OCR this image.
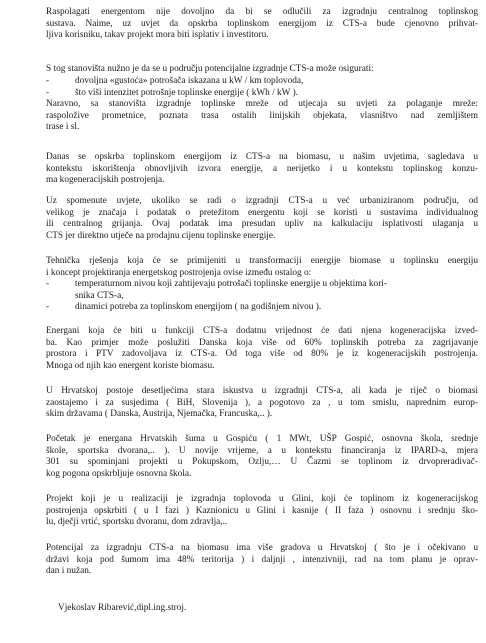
Raspolagati energentom nije dovoljno da bi se odlučili za izgradnju centralnog toplinskog
sustava. Naime, uz uvjet da opskrba toplinskom energijom iz CTS-a bude cjenovno prihvat-
ljiva korisniku, takav projekt mora biti isplativ i investitoru.

S tog stanovišta nužno je da se u području potencijalne izgradnje CTS-a može osigurati:

-	dovoljna «gustoća» potrošača iskazana u kW / km toplovoda,
-	što viši intenzitet potrošnje toplinske energije ( kWh / kW ).

Naravno, sa stanovišta izgradnje toplinske mreže od utjecaja su uvjeti za polaganje mreže:
raspoložive prometnice, poznata trasa ostalih linijskih objekata, vlasništvo nad zemljištem
trase i sl.

Danas se opskrba toplinskom energijom iz CTS-a na biomasu, u našim uvjetima, sagledava u
kontekstu iskorištenja obnovljivih izvora energije, a nerijetko i u kontekstu toplinskog konzu-
ma kogeneracijskih postrojenja.

Uz spomenute uvjete, ukoliko se radi o izgradnji CTS-a u već urbaniziranom području, od
velikog je značaja i podatak o pretežitom energentu koji se koristi u sustavima individualnog
ili centralnog grijanja. Ovaj podatak ima presudan upliv na kalkulaciju isplativosti ulaganja u
CTS jer direktno utječe na prodajnu cijenu toplinske energije.

Tehnička rješenja koja će se primijeniti u transformaciji energije biomase u toplinsku energiju
i koncept projektiranja energetskog postrojenja ovise između ostalog o:

-	temperaturnom nivou koji zahtijevaju potrošači toplinske energije u objektima kori-
snika CTS-a,
-	dinamici potreba za toplinskom energijom ( na godišnjem nivou ).

Energani koja će biti u funkciji CTS-a dodatnu vrijednost će dati njena kogeneracijska izved-
ba. Kao primjer može poslužiti Danska koja više od 60% toplinskih potreba za zagrijavanje
prostora i PTV zadovoljava iz CTS-a. Od toga više od 80% je iz kogeneracijskih postrojenja.
Mnoga od njih kao energent koriste biomasu.

U Hrvatskoj postoje desetljećima stara iskustva u izgradnji CTS-a, ali kada je riječ o biomasi
zaostajemo i za susjedima ( BiH, Slovenija ), a pogotovo za , u tom smislu, naprednim europ-
skim državama ( Danska, Austrija, Njemačka, Francuska,.. ).

Početak je energana Hrvatskih šuma u Gospiću ( 1 MWt, UŠP Gospić, osnovna škola, srednje
škole, sportska dvorana,.. ). U novije vrijeme, a u kontekstu financiranja iz IPARD-a, mjera
301 su spominjani projekti u Pokupskom, Ozlju,… U Čazmi se toplinom iz drvopreradivač-
kog pogona opskrbljuje osnovna škola.

Projekt koji je u realizaciji je izgradnja toplovoda u Glini, koji će toplinom iz kogeneracijskog
postrojenja opskrbiti ( u I fazi ) Kaznionicu u Glini i kasnije ( II faza ) osnovnu i srednju ško-
lu, dječji vrtić, sportsku dvoranu, dom zdravlja,..

Potencijal za izgradnju CTS-a na biomasu ima više gradova u Hrvatskoj ( što je i očekivano u
državi koja pod šumom ima 48% teritorija ) i daljnji , intenzivniji, rad na tom planu je oprav-
dan i nužan.

Vjekoslav Ribarević,dipl.ing.stroj.
